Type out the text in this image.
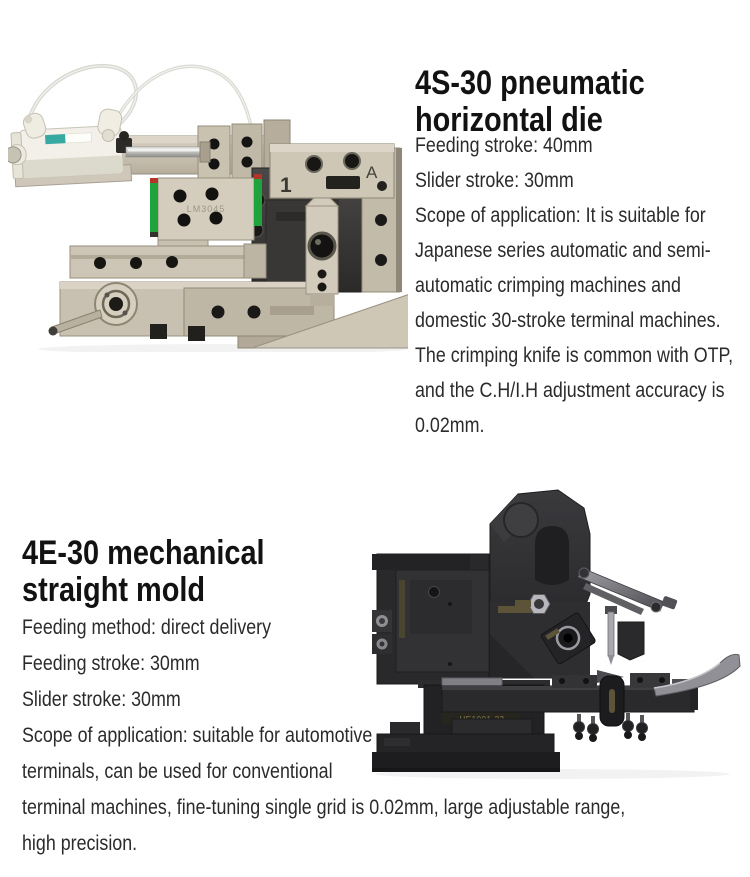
1
A
LM3045
4S-30 pneumatic
horizontal die
Feeding stroke: 40mm
Slider stroke: 30mm
Scope of application: It is suitable for
Japanese series automatic and semi-
automatic crimping machines and
domestic 30-stroke terminal machines.
The crimping knife is common with OTP,
and the C.H/I.H adjustment accuracy is
0.02mm.
4E-30 mechanical
straight mold
Feeding method: direct delivery
Feeding stroke: 30mm
Slider stroke: 30mm
Scope of application: suitable for automotive
terminals, can be used for conventional
terminal machines, fine-tuning single grid is 0.02mm, large adjustable range,
high precision.
